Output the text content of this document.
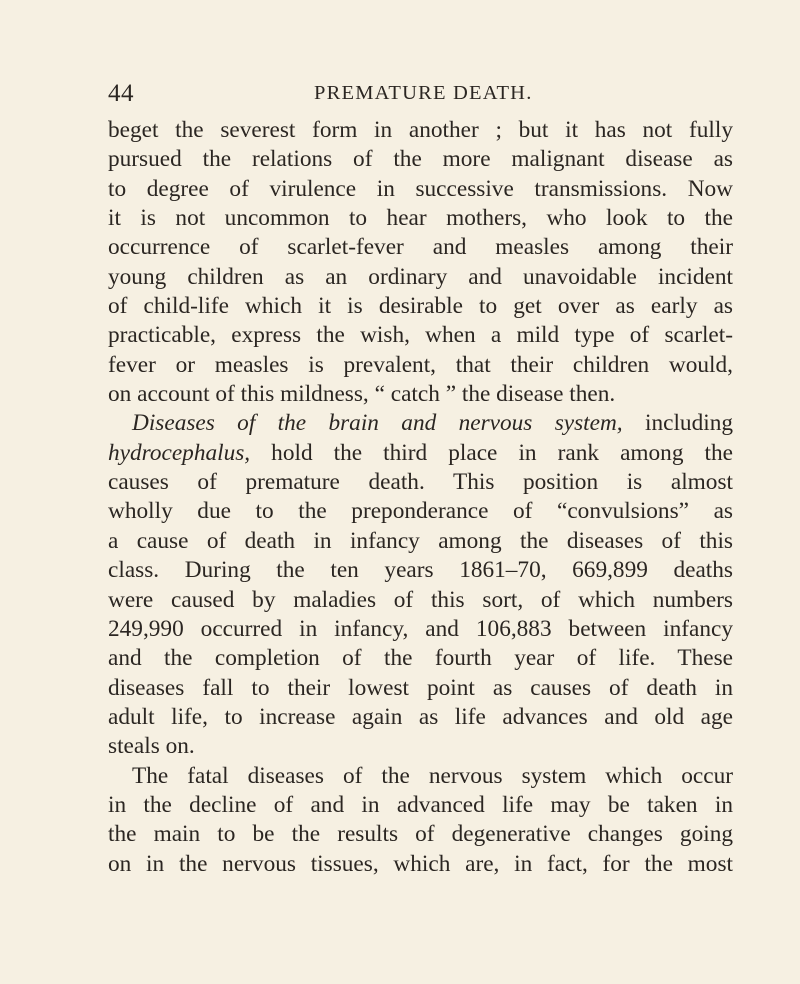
44	PREMATURE DEATH.
beget the severest form in another ; but it has not fully
pursued the relations of the more malignant disease as
to degree of virulence in successive transmissions. Now
it is not uncommon to hear mothers, who look to the
occurrence of scarlet-fever and measles among their
young children as an ordinary and unavoidable incident
of child-life which it is desirable to get over as early as
practicable, express the wish, when a mild type of scarlet-
fever or measles is prevalent, that their children would,
on account of this mildness, “ catch ” the disease then.
Diseases of the brain and nervous system, including
hydrocephalus, hold the third place in rank among the
causes of premature death. This position is almost
wholly due to the preponderance of “convulsions” as
a cause of death in infancy among the diseases of this
class. During the ten years 1861–70, 669,899 deaths
were caused by maladies of this sort, of which numbers
249,990 occurred in infancy, and 106,883 between infancy
and the completion of the fourth year of life. These
diseases fall to their lowest point as causes of death in
adult life, to increase again as life advances and old age
steals on.
The fatal diseases of the nervous system which occur
in the decline of and in advanced life may be taken in
the main to be the results of degenerative changes going
on in the nervous tissues, which are, in fact, for the most
